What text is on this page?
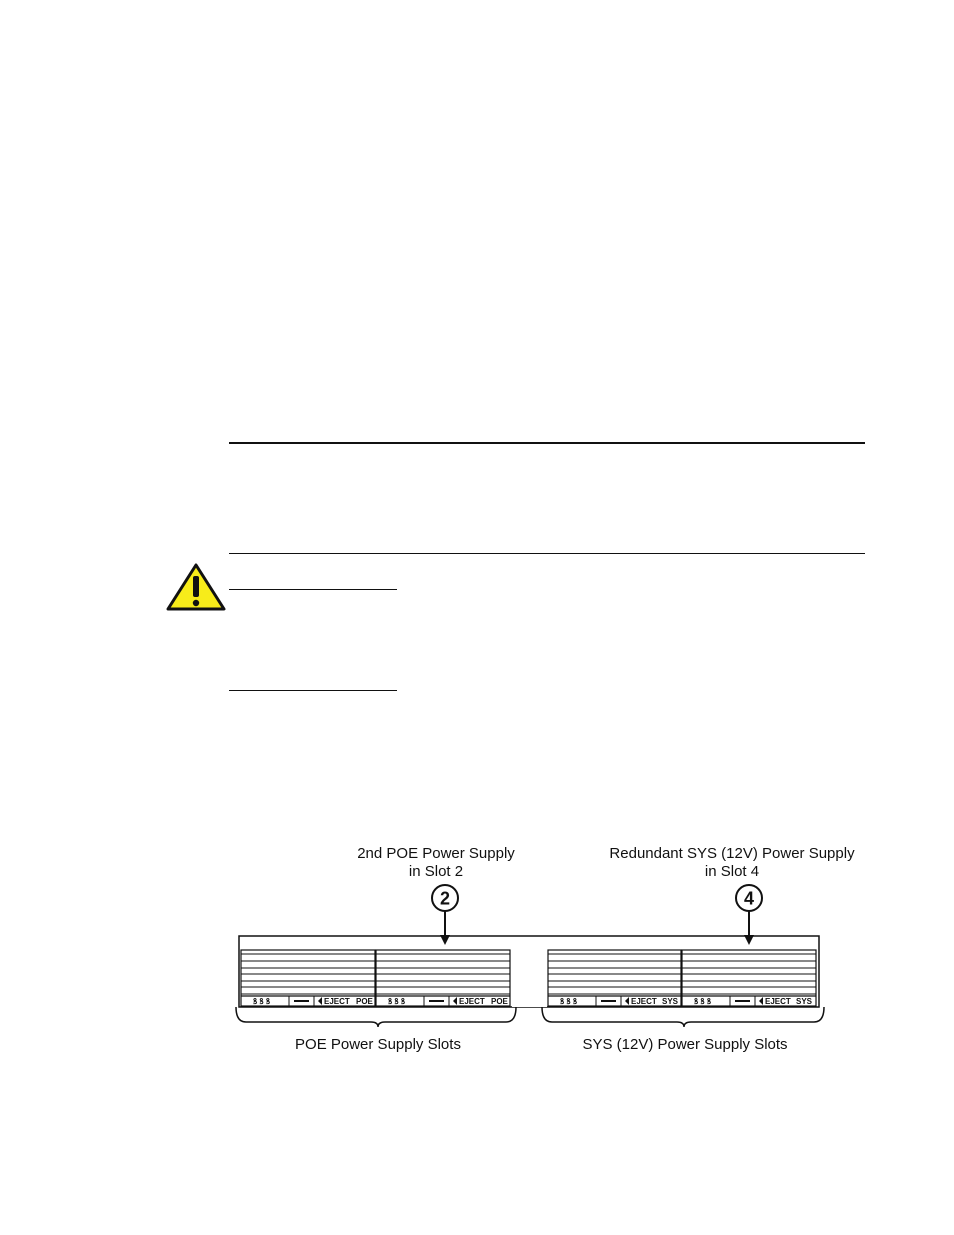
2nd POE Power Supply
in Slot 2
2
Redundant SYS (12V) Power Supply
in Slot 4
4
ꝸ ꝸ ꝸ	EJECT POE ꝸ ꝸ ꝸ	EJECT POE	ꝸ ꝸ ꝸ	EJECT SYS ꝸ ꝸ ꝸ	EJECT SYS
POE Power Supply Slots	SYS (12V) Power Supply Slots
